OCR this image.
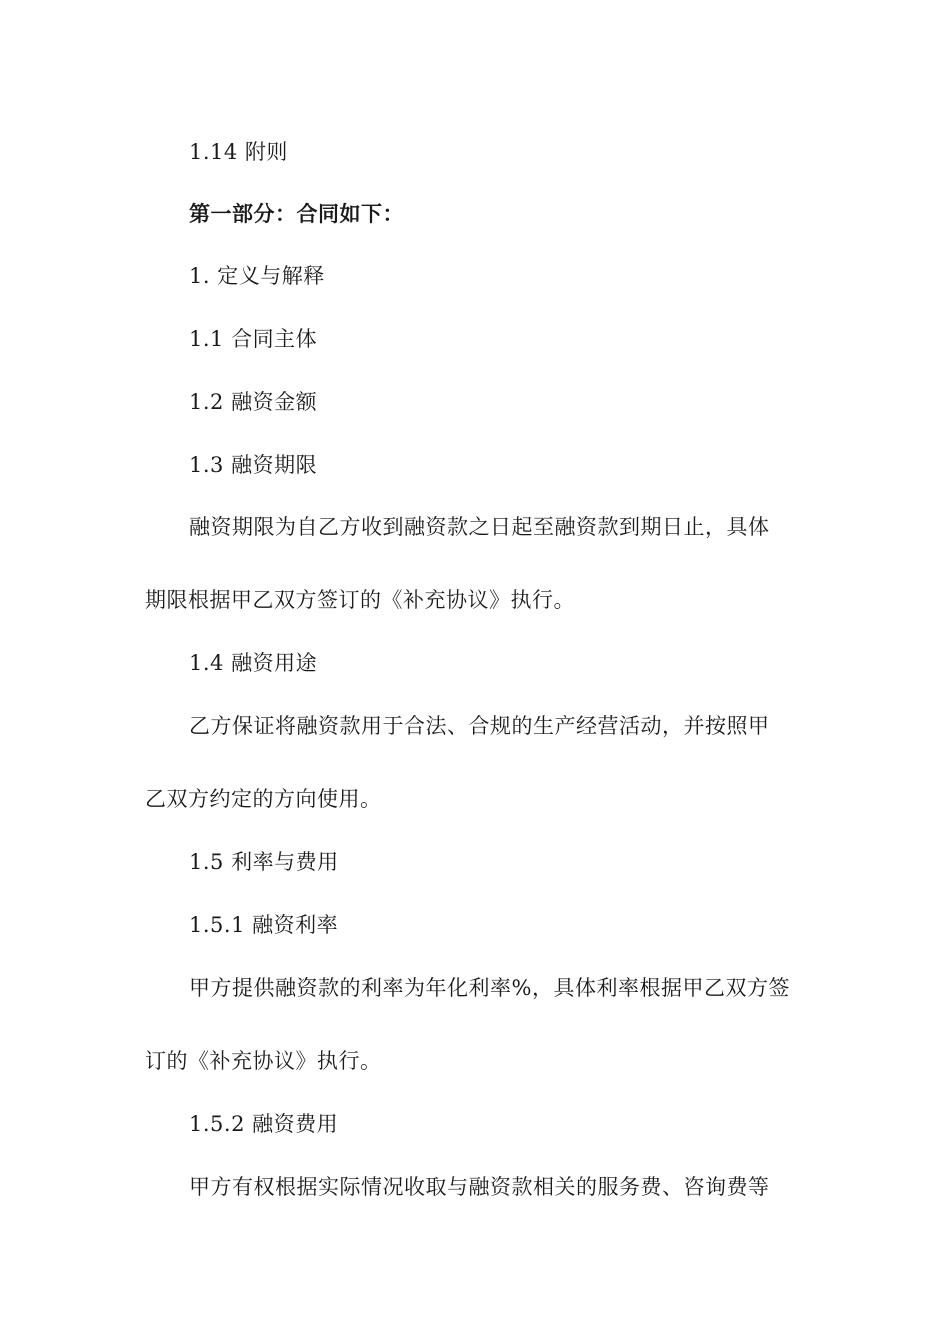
1.14 附则
第一部分：合同如下：
1. 定义与解释
1.1 合同主体
1.2 融资金额
1.3 融资期限
融资期限为自乙方收到融资款之日起至融资款到期日止，具体
期限根据甲乙双方签订的《补充协议》执行。
1.4 融资用途
乙方保证将融资款用于合法、合规的生产经营活动，并按照甲
乙双方约定的方向使用。
1.5 利率与费用
1.5.1 融资利率
甲方提供融资款的利率为年化利率%，具体利率根据甲乙双方签
订的《补充协议》执行。
1.5.2 融资费用
甲方有权根据实际情况收取与融资款相关的服务费、咨询费等
